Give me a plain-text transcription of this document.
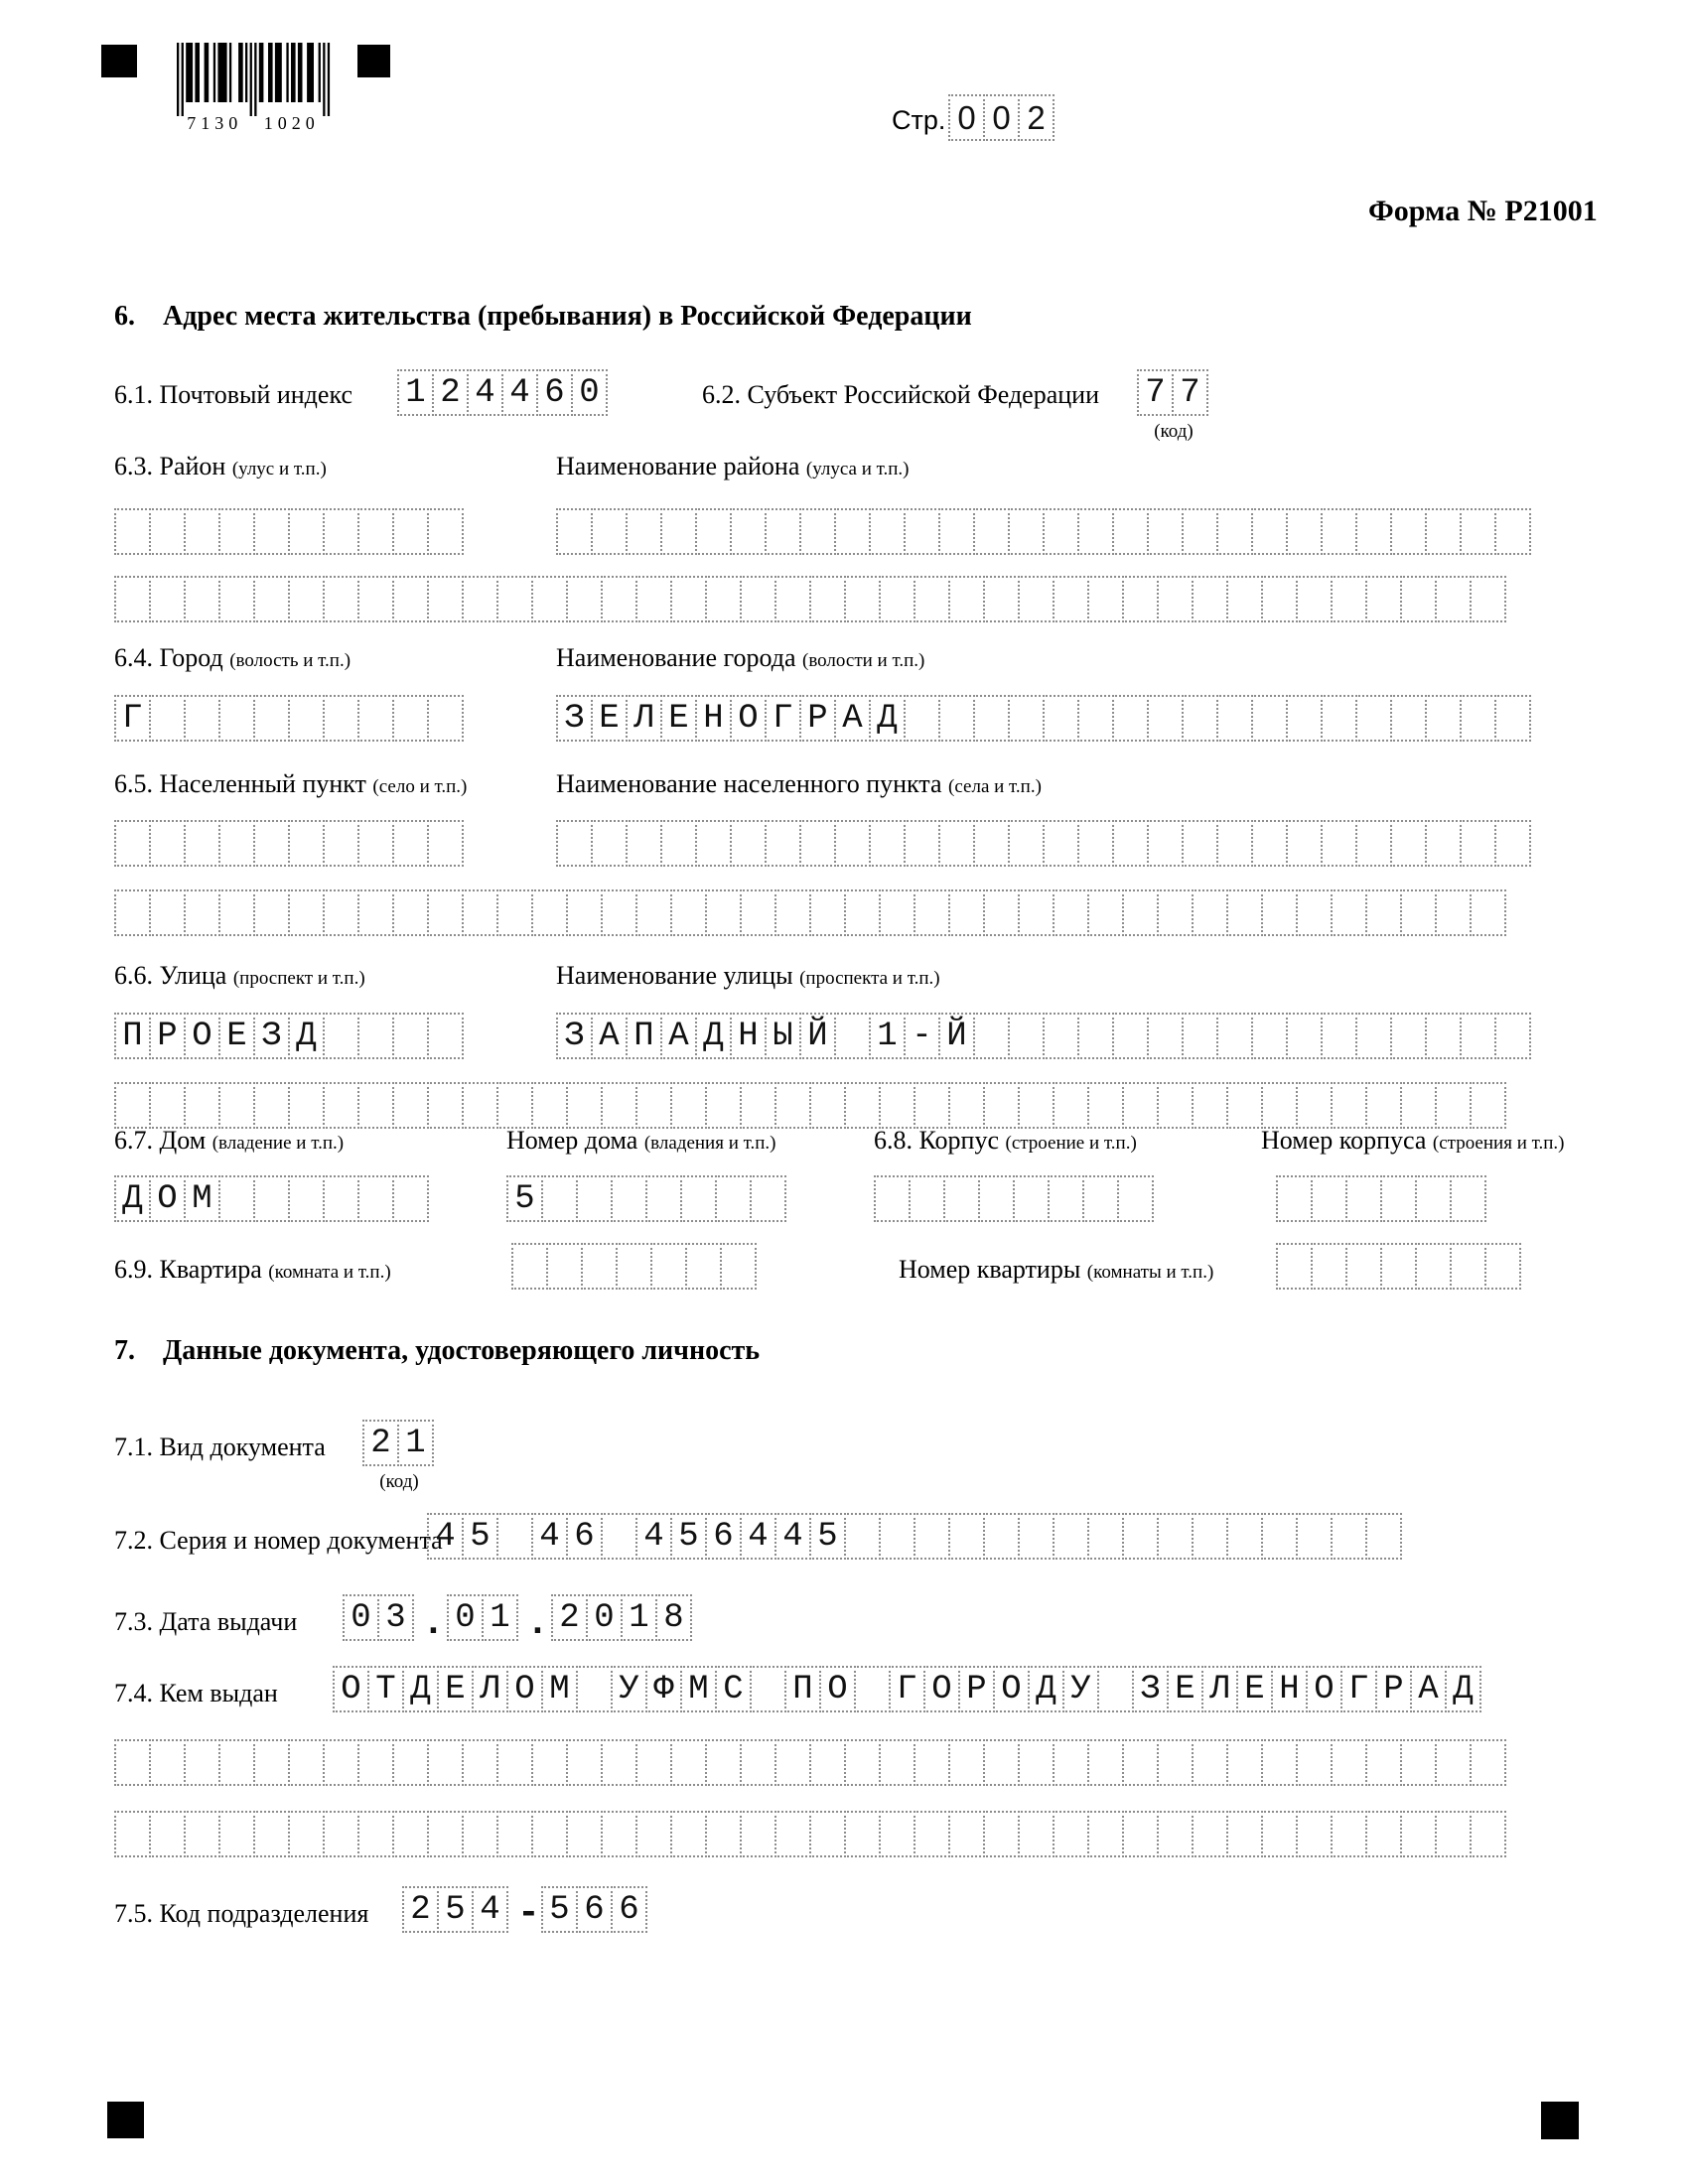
7130 1020	Стр. 0 0 2
Форма № Р21001
6. Адрес места жительства (пребывания) в Российской Федерации
6.1. Почтовый индекс 1 2 4 4 6 0	6.2. Субъект Российской Федерации 7 7
(код)
6.3. Район (улус и т.п.)	Наименование района (улуса и т.п.)
6.4. Город (волость и т.п.)	Наименование города (волости и т.п.)
Г	З Е Л Е Н О Г Р А Д
6.5. Населенный пункт (село и т.п.)	Наименование населенного пункта (села и т.п.)
6.6. Улица (проспект и т.п.)	Наименование улицы (проспекта и т.п.)
П Р О Е З Д	З А П А Д Н Ы Й 1 - Й
6.7. Дом (владение и т.п.)	Номер дома (владения и т.п.)	6.8. Корпус (строение и т.п.)	Номер корпуса (строения и т.п.)
Д О М	5
6.9. Квартира (комната и т.п.)	Номер квартиры (комнаты и т.п.)
7. Данные документа, удостоверяющего личность
7.1. Вид документа 2 1
(код)
7.2. Серия и номер документа
4 5 4 6 4 5 6 4 4 5
7.3. Дата выдачи 0 3 . 0 1 . 2 0 1 8
7.4. Кем выдан О Т Д Е Л О М У Ф М С П О Г О Р О Д У З Е Л Е Н О Г Р А Д
7.5. Код подразделения 2 5 4 - 5 6 6
